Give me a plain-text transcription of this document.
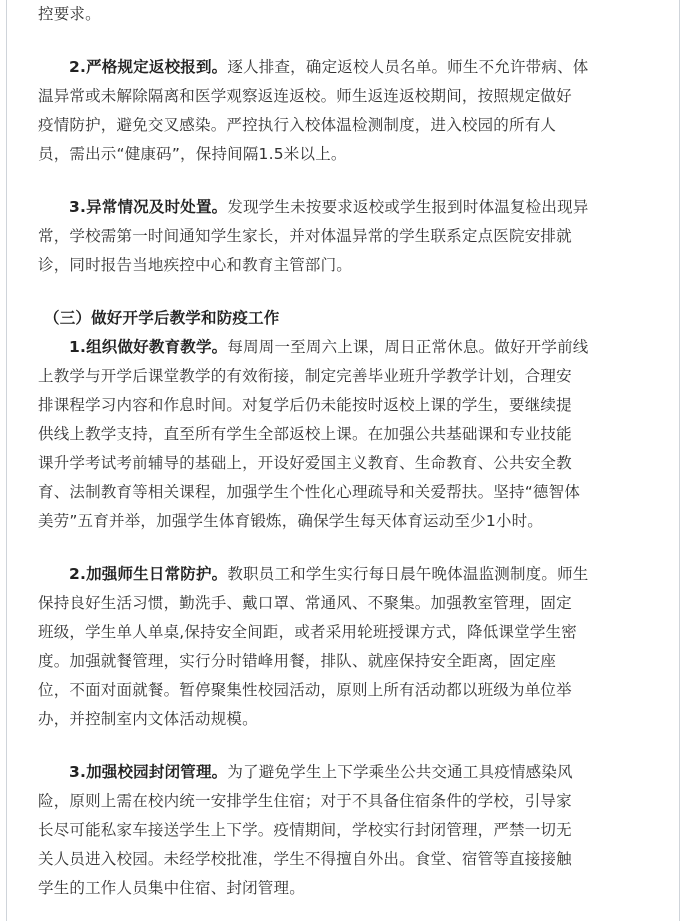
控要求。
2.严格规定返校报到。逐人排查，确定返校人员名单。师生不允许带病、体
温异常或未解除隔离和医学观察返连返校。师生返连返校期间，按照规定做好
疫情防护，避免交叉感染。严控执行入校体温检测制度，进入校园的所有人
员，需出示“健康码”，保持间隔1.5米以上。
3.异常情况及时处置。发现学生未按要求返校或学生报到时体温复检出现异
常，学校需第一时间通知学生家长，并对体温异常的学生联系定点医院安排就
诊，同时报告当地疾控中心和教育主管部门。
（三）做好开学后教学和防疫工作
1.组织做好教育教学。每周周一至周六上课，周日正常休息。做好开学前线
上教学与开学后课堂教学的有效衔接，制定完善毕业班升学教学计划，合理安
排课程学习内容和作息时间。对复学后仍未能按时返校上课的学生，要继续提
供线上教学支持，直至所有学生全部返校上课。在加强公共基础课和专业技能
课升学考试考前辅导的基础上，开设好爱国主义教育、生命教育、公共安全教
育、法制教育等相关课程，加强学生个性化心理疏导和关爱帮扶。坚持“德智体
美劳”五育并举，加强学生体育锻炼，确保学生每天体育运动至少1小时。
2.加强师生日常防护。教职员工和学生实行每日晨午晚体温监测制度。师生
保持良好生活习惯，勤洗手、戴口罩、常通风、不聚集。加强教室管理，固定
班级，学生单人单桌,保持安全间距，或者采用轮班授课方式，降低课堂学生密
度。加强就餐管理，实行分时错峰用餐，排队、就座保持安全距离，固定座
位，不面对面就餐。暂停聚集性校园活动，原则上所有活动都以班级为单位举
办，并控制室内文体活动规模。
3.加强校园封闭管理。为了避免学生上下学乘坐公共交通工具疫情感染风
险，原则上需在校内统一安排学生住宿；对于不具备住宿条件的学校，引导家
长尽可能私家车接送学生上下学。疫情期间，学校实行封闭管理，严禁一切无
关人员进入校园。未经学校批准，学生不得擅自外出。食堂、宿管等直接接触
学生的工作人员集中住宿、封闭管理。
